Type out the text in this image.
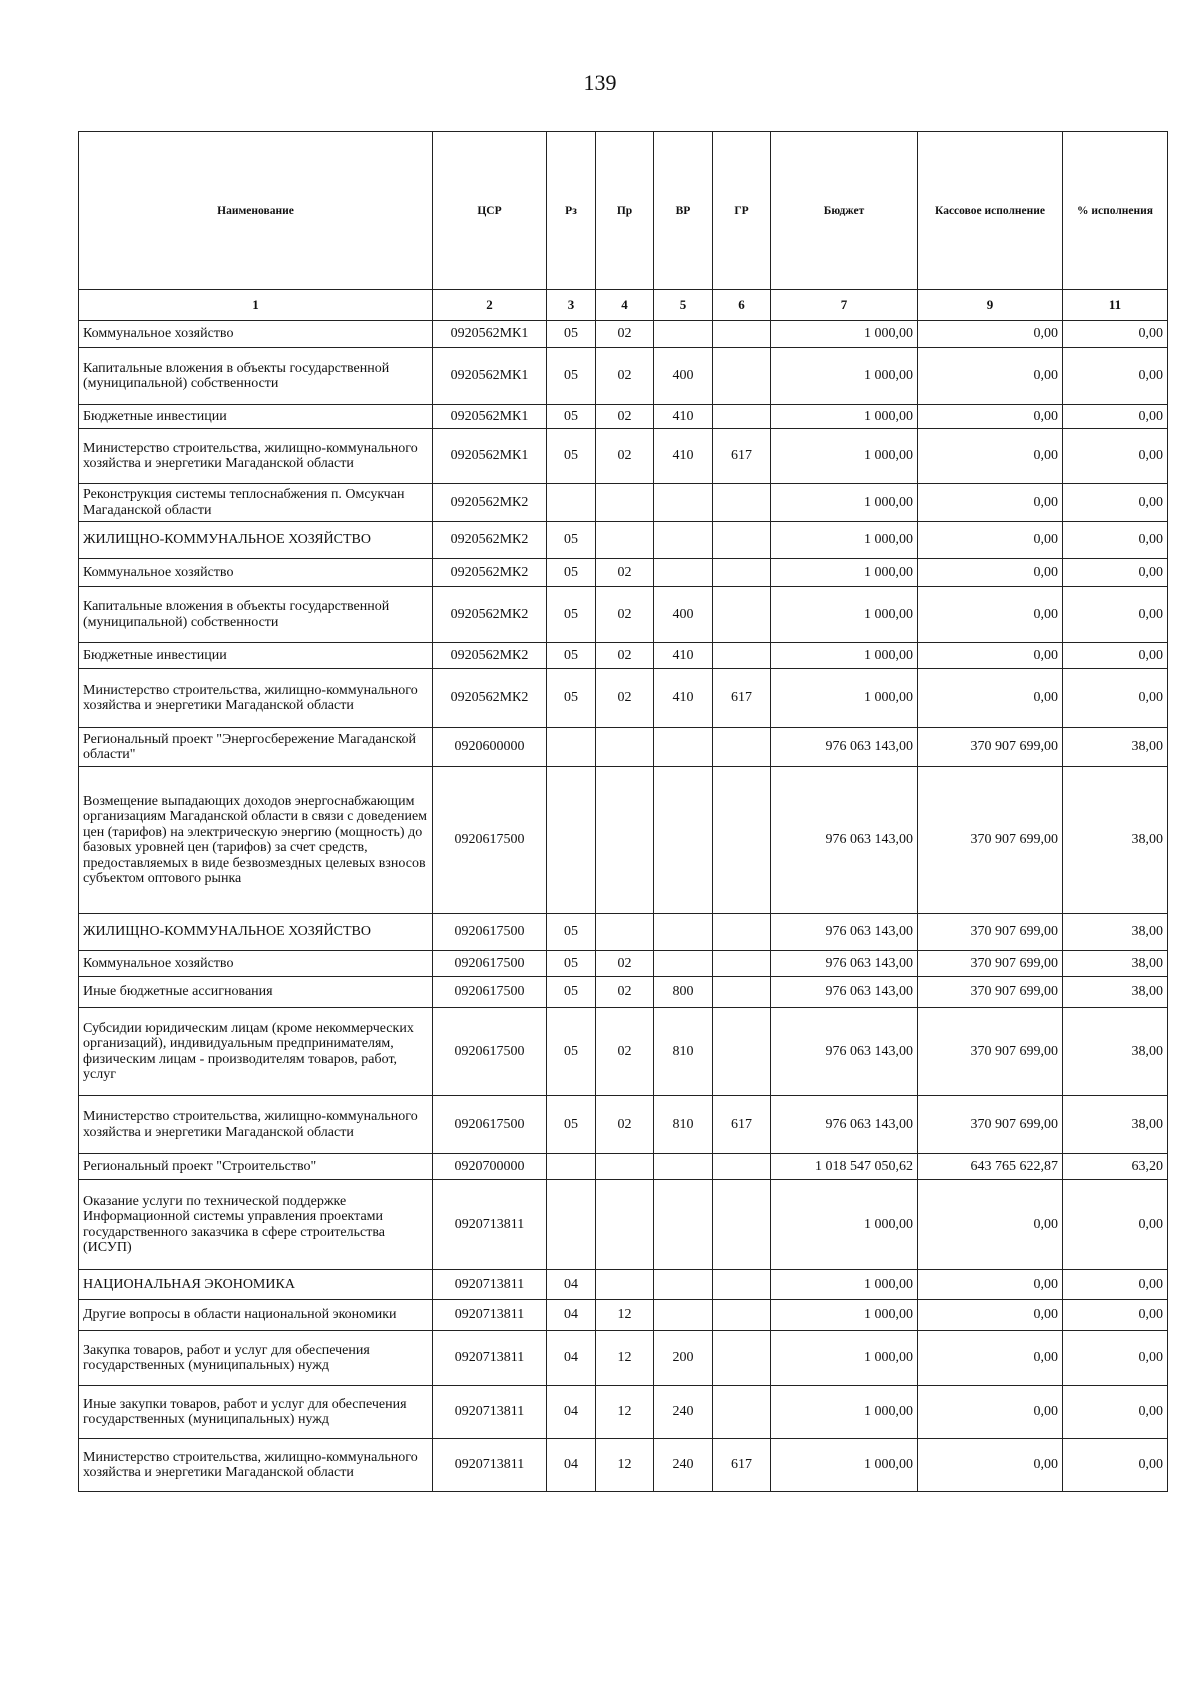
139
Наименование	ЦСР	Рз	Пр	ВР	ГР	Бюджет	Кассовое исполнение	% исполнения
1	2	3	4	5	6	7	9	11
Коммунальное хозяйство	0920562МК1	05	02			1 000,00	0,00	0,00
Капитальные вложения в объекты государственной (муниципальной) собственности	0920562МК1	05	02	400		1 000,00	0,00	0,00
Бюджетные инвестиции	0920562МК1	05	02	410		1 000,00	0,00	0,00
Министерство строительства, жилищно-коммунального хозяйства и энергетики Магаданской области	0920562МК1	05	02	410	617	1 000,00	0,00	0,00
Реконструкция системы теплоснабжения п. Омсукчан Магаданской области	0920562МК2					1 000,00	0,00	0,00
ЖИЛИЩНО-КОММУНАЛЬНОЕ ХОЗЯЙСТВО	0920562МК2	05				1 000,00	0,00	0,00
Коммунальное хозяйство	0920562МК2	05	02			1 000,00	0,00	0,00
Капитальные вложения в объекты государственной (муниципальной) собственности	0920562МК2	05	02	400		1 000,00	0,00	0,00
Бюджетные инвестиции	0920562МК2	05	02	410		1 000,00	0,00	0,00
Министерство строительства, жилищно-коммунального хозяйства и энергетики Магаданской области	0920562МК2	05	02	410	617	1 000,00	0,00	0,00
Региональный проект "Энергосбережение Магаданской области"	0920600000					976 063 143,00	370 907 699,00	38,00
Возмещение выпадающих доходов энергоснабжающим организациям Магаданской области в связи с доведением цен (тарифов) на электрическую энергию (мощность) до базовых уровней цен (тарифов) за счет средств, предоставляемых в виде безвозмездных целевых взносов субъектом оптового рынка	0920617500					976 063 143,00	370 907 699,00	38,00
ЖИЛИЩНО-КОММУНАЛЬНОЕ ХОЗЯЙСТВО	0920617500	05				976 063 143,00	370 907 699,00	38,00
Коммунальное хозяйство	0920617500	05	02			976 063 143,00	370 907 699,00	38,00
Иные бюджетные ассигнования	0920617500	05	02	800		976 063 143,00	370 907 699,00	38,00
Субсидии юридическим лицам (кроме некоммерческих организаций), индивидуальным предпринимателям, физическим лицам - производителям товаров, работ, услуг	0920617500	05	02	810		976 063 143,00	370 907 699,00	38,00
Министерство строительства, жилищно-коммунального хозяйства и энергетики Магаданской области	0920617500	05	02	810	617	976 063 143,00	370 907 699,00	38,00
Региональный проект "Строительство"	0920700000					1 018 547 050,62	643 765 622,87	63,20
Оказание услуги по технической поддержке Информационной системы управления проектами государственного заказчика в сфере строительства (ИСУП)	0920713811					1 000,00	0,00	0,00
НАЦИОНАЛЬНАЯ ЭКОНОМИКА	0920713811	04				1 000,00	0,00	0,00
Другие вопросы в области национальной экономики	0920713811	04	12			1 000,00	0,00	0,00
Закупка товаров, работ и услуг для обеспечения государственных (муниципальных) нужд	0920713811	04	12	200		1 000,00	0,00	0,00
Иные закупки товаров, работ и услуг для обеспечения государственных (муниципальных) нужд	0920713811	04	12	240		1 000,00	0,00	0,00
Министерство строительства, жилищно-коммунального хозяйства и энергетики Магаданской области	0920713811	04	12	240	617	1 000,00	0,00	0,00
